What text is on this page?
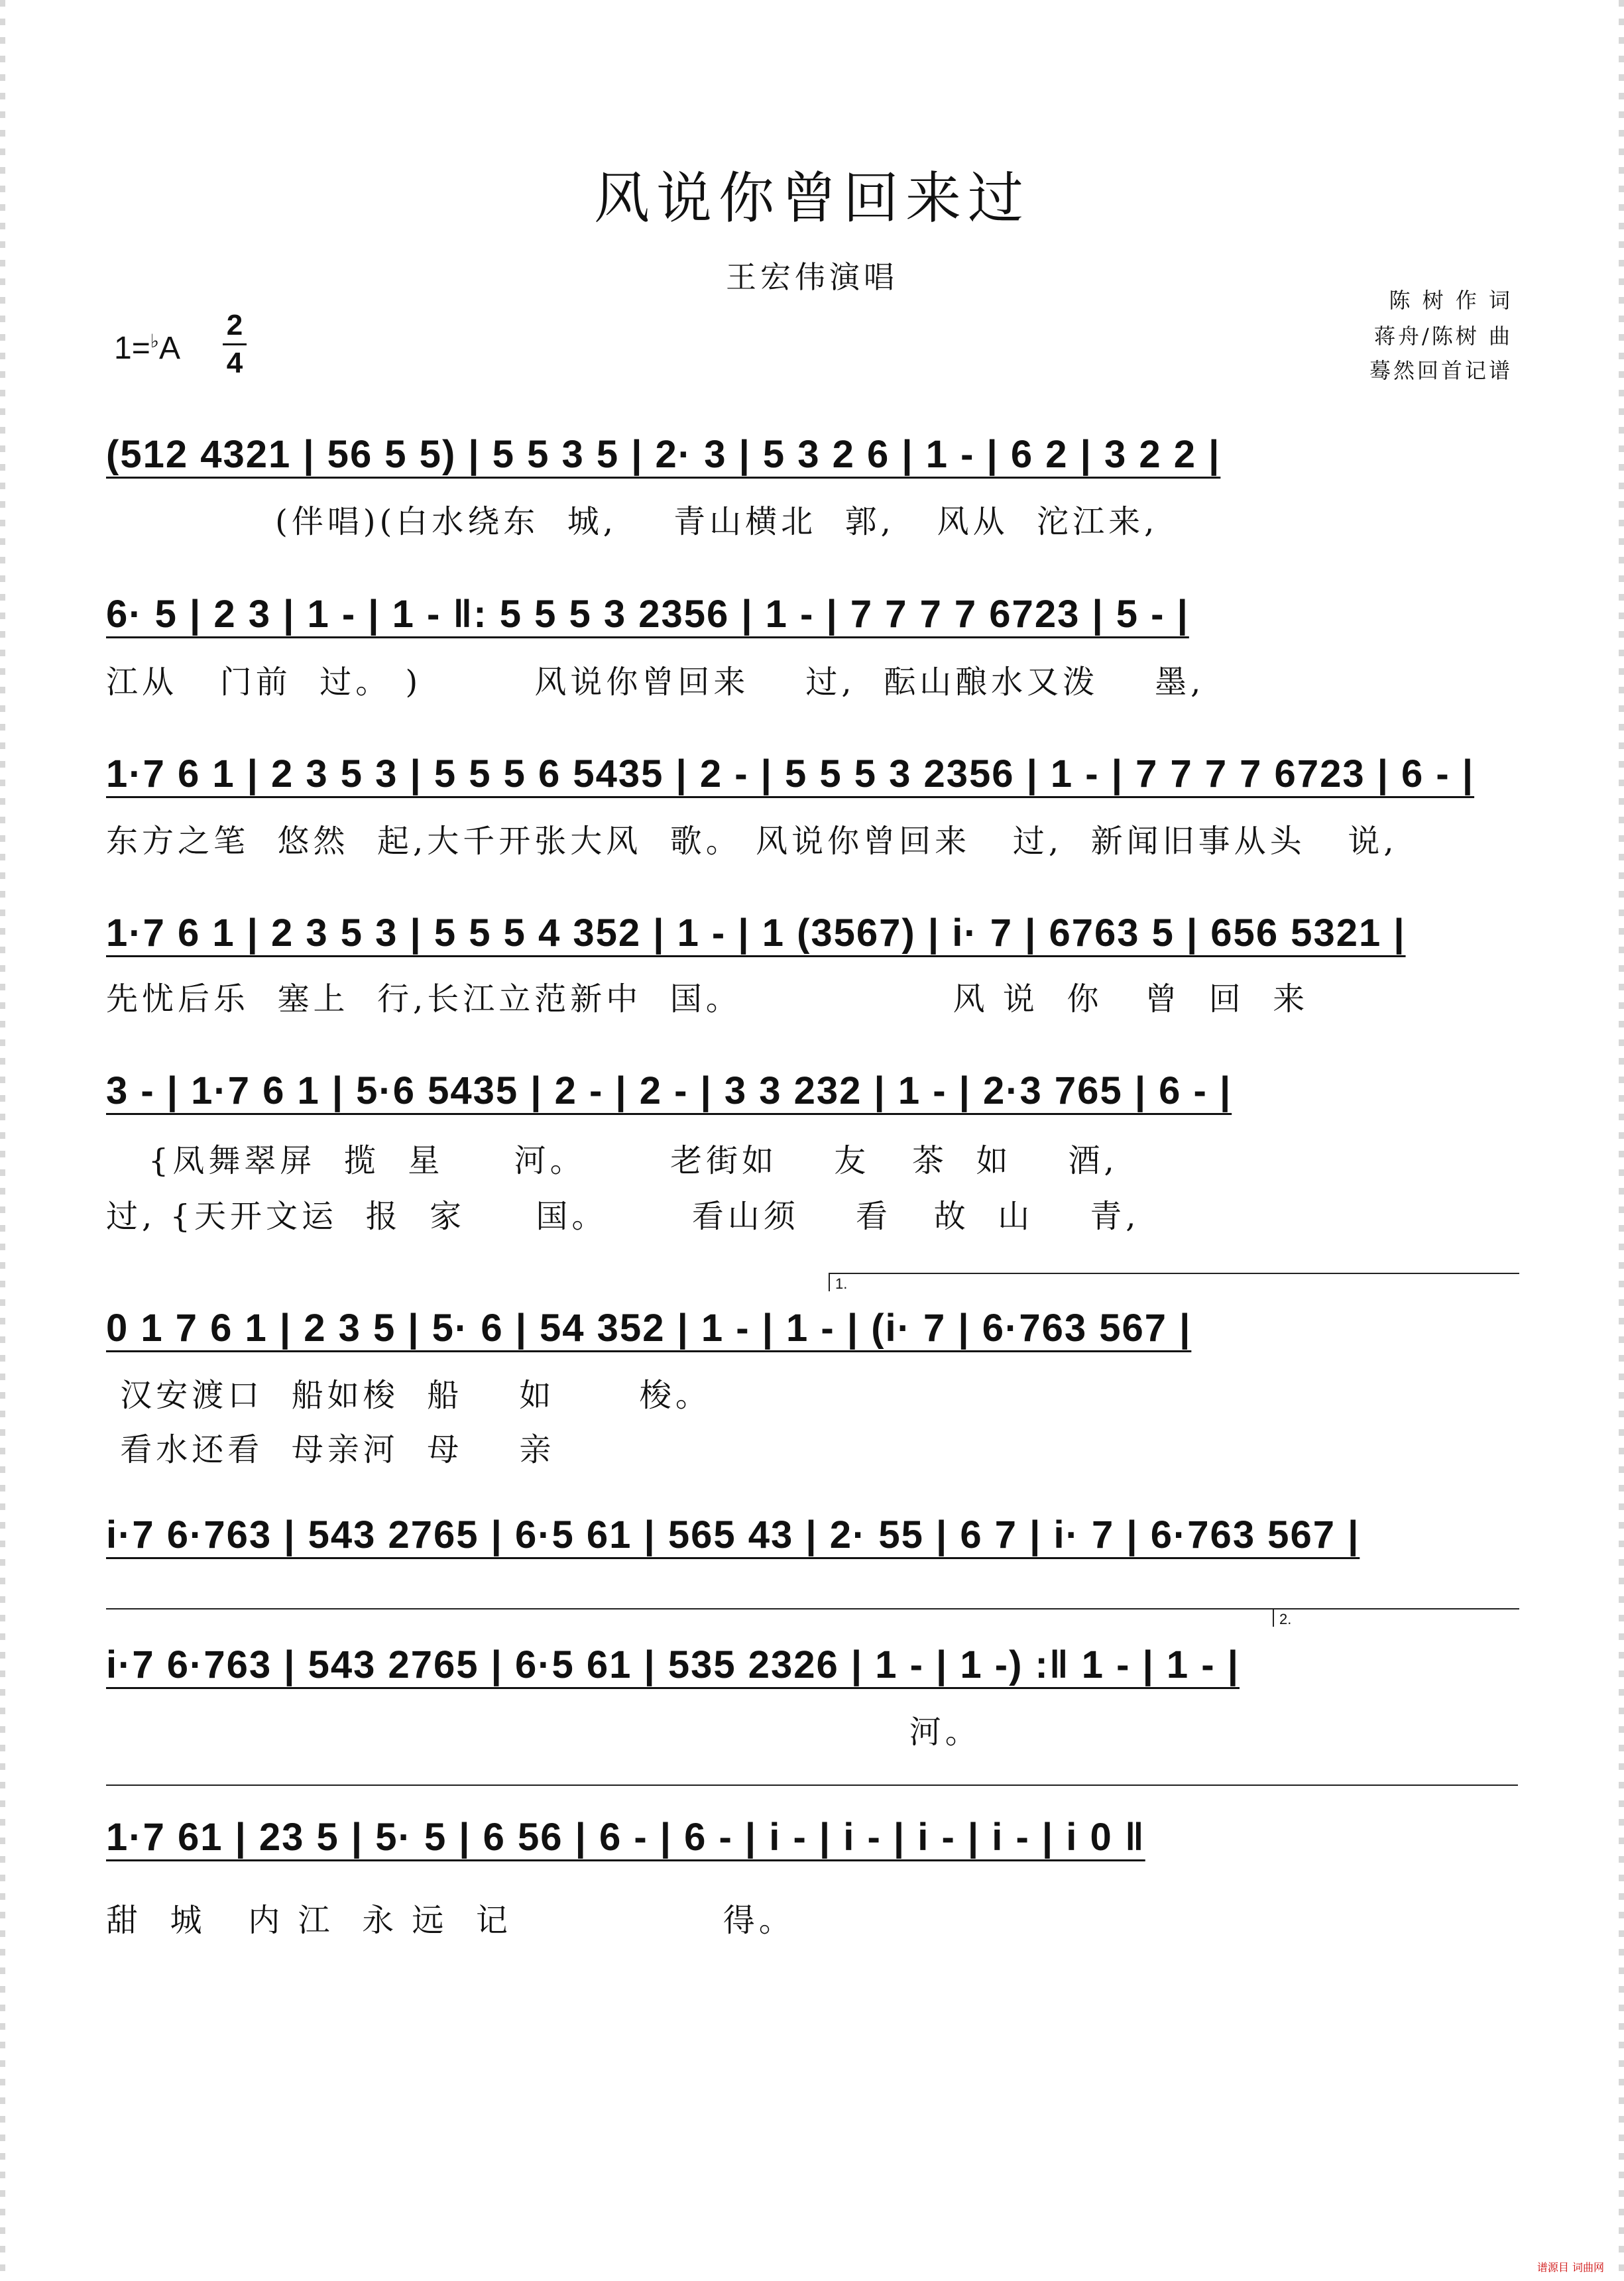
风说你曾回来过
王宏伟演唱
陈 树 作 词
蒋舟/陈树 曲
蓦然回首记谱
1=♭A
2
4
(512 4321 | 56 5 5) | 5 5 3 5 | 2· 3 | 5 3 2 6 | 1 - | 6 2 | 3 2 2 |
(伴唱)(白水绕东  城,    青山横北  郭,   风从  沱江来,
6· 5 | 2 3 | 1 - | 1 - ‖: 5 5 5 3 2356 | 1 - | 7 7 7 7 6723 | 5 - |
江从   门前  过。 )        风说你曾回来    过,  酝山酿水又泼    墨,
1·7 6 1 | 2 3 5 3 | 5 5 5 6 5435 | 2 - | 5 5 5 3 2356 | 1 - | 7 7 7 7 6723 | 6 - |
东方之笔  悠然  起,大千开张大风  歌。 风说你曾回来   过,  新闻旧事从头   说,
1·7 6 1 | 2 3 5 3 | 5 5 5 4 352 | 1 - | 1 (3567) | i· 7 | 6763 5 | 656 5321 |
先忧后乐  塞上  行,长江立范新中  国。               风 说  你   曾  回  来
3 - | 1·7 6 1 | 5·6 5435 | 2 - | 2 - | 3 3 232 | 1 - | 2·3 765 | 6 - |
{凤舞翠屏  揽  星     河。      老街如    友   茶  如    酒,
过, {天开文运  报  家     国。      看山须    看   故  山    青,
1.
0 1 7 6 1 | 2 3 5 | 5· 6 | 54 352 | 1 - | 1 - | (i· 7 | 6·763 567 |
汉安渡口  船如梭  船    如      梭。
看水还看  母亲河  母    亲
i·7 6·763 | 543 2765 | 6·5 61 | 565 43 | 2· 55 | 6 7 | i· 7 | 6·763 567 |
2.
i·7 6·763 | 543 2765 | 6·5 61 | 535 2326 | 1 - | 1 -) :‖ 1 - | 1 - |
河。
1·7 61 | 23 5 | 5· 5 | 6 56 | 6 - | 6 - | i - | i - | i - | i - | i 0 ‖
甜  城   内 江  永 远  记               得。
谱源目 词曲网
